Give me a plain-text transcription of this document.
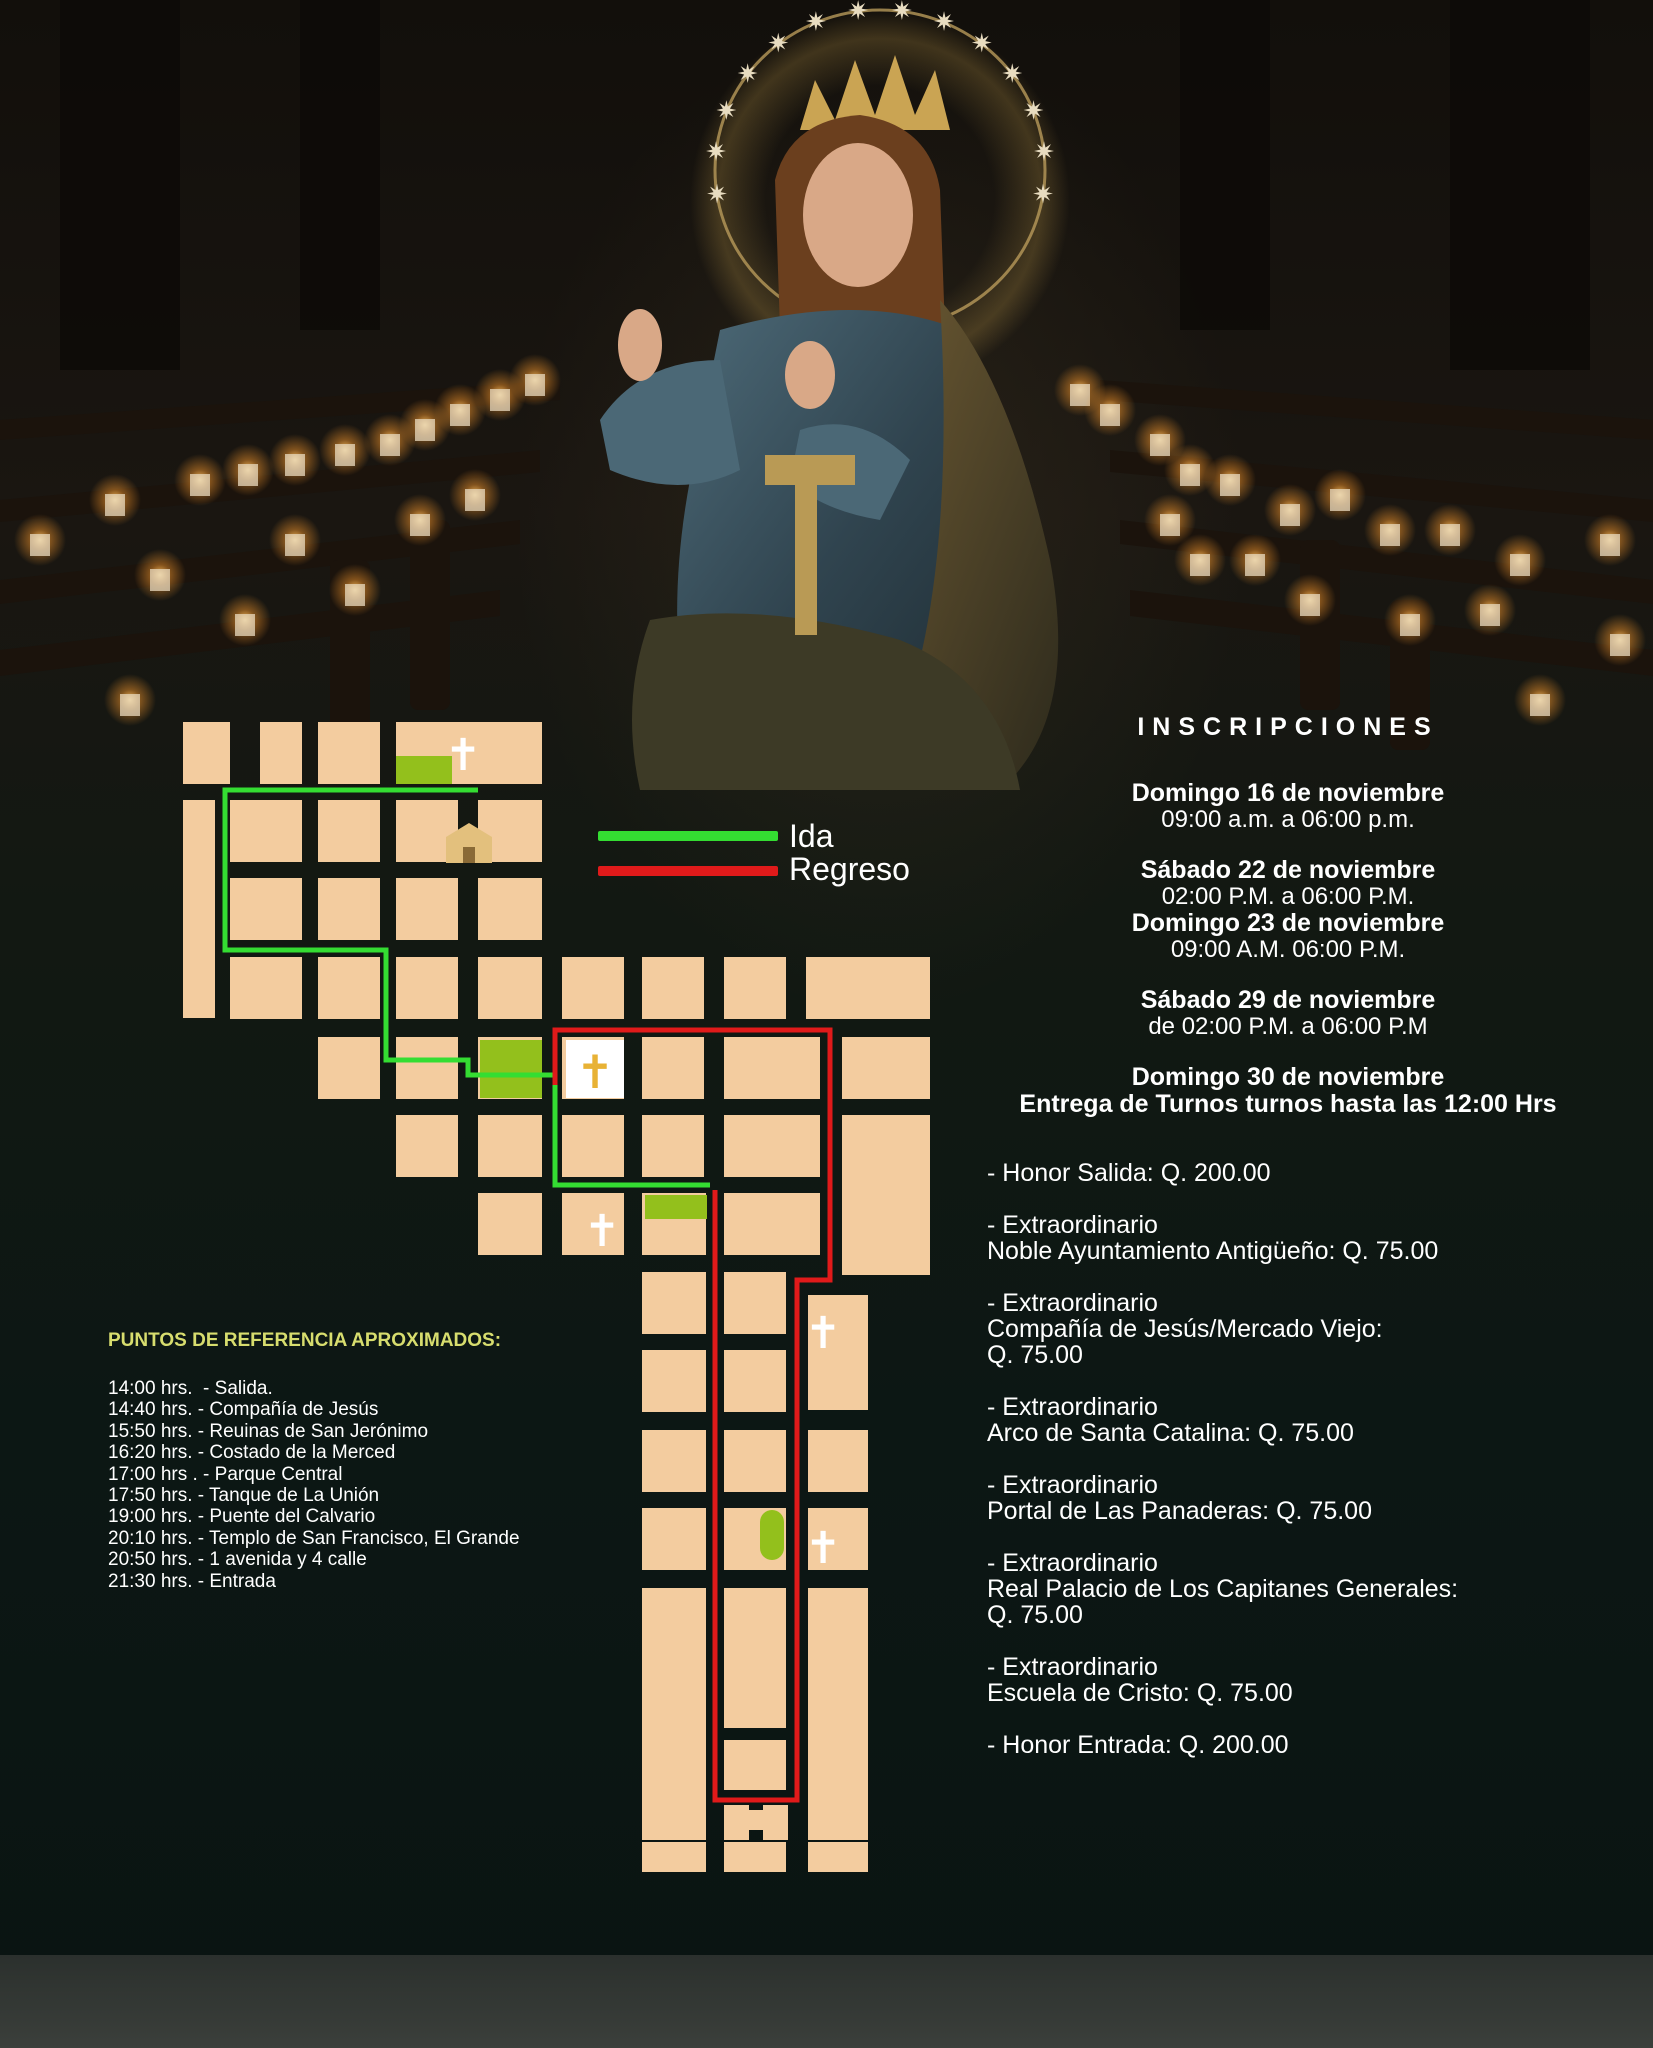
✷
✷
✷
✷
✷
✷ ✷ ✷ ✷
✷
✷
✷
✷
✷
✝
✝
✝
✝
✝
Ida
Regreso
INSCRIPCIONES
Domingo 16 de noviembre
09:00 a.m. a 06:00 p.m.
Sábado 22 de noviembre
02:00 P.M. a 06:00 P.M.
Domingo 23 de noviembre
09:00 A.M. 06:00 P.M.
Sábado 29 de noviembre
de 02:00 P.M. a 06:00 P.M
Domingo 30 de noviembre
Entrega de Turnos turnos hasta las 12:00 Hrs
- Honor Salida: Q. 200.00
- Extraordinario
Noble Ayuntamiento Antigüeño: Q. 75.00
- Extraordinario
Compañía de Jesús/Mercado Viejo:
Q. 75.00
- Extraordinario
Arco de Santa Catalina: Q. 75.00
- Extraordinario
Portal de Las Panaderas: Q. 75.00
- Extraordinario
Real Palacio de Los Capitanes Generales:
Q. 75.00
- Extraordinario
Escuela de Cristo: Q. 75.00
- Honor Entrada: Q. 200.00
PUNTOS DE REFERENCIA APROXIMADOS:
14:00 hrs.  - Salida.
14:40 hrs. - Compañía de Jesús
15:50 hrs. - Reuinas de San Jerónimo
16:20 hrs. - Costado de la Merced
17:00 hrs . - Parque Central
17:50 hrs. - Tanque de La Unión
19:00 hrs. - Puente del Calvario
20:10 hrs. - Templo de San Francisco, El Grande
20:50 hrs. - 1 avenida y 4 calle
21:30 hrs. - Entrada
